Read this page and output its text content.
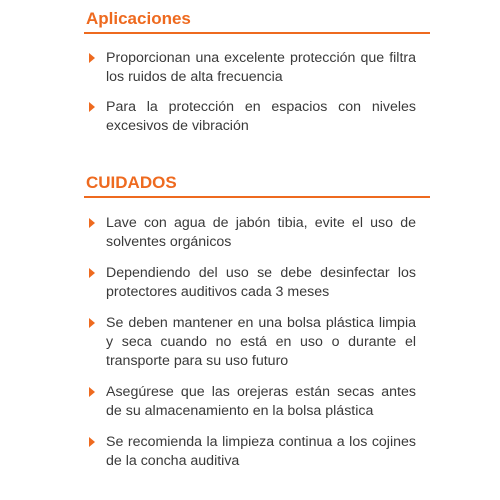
Aplicaciones
Proporcionan una excelente protección que filtra los ruidos de alta frecuencia
Para la protección en espacios con niveles excesivos de vibración
CUIDADOS
Lave con agua de jabón tibia, evite el uso de solventes orgánicos
Dependiendo del uso se debe desinfectar los protectores auditivos cada 3 meses
Se deben mantener en una bolsa plástica limpia y seca cuando no está en uso o durante el transporte para su uso futuro
Asegúrese que las orejeras están secas antes de su almacenamiento en la bolsa plástica
Se recomienda la limpieza continua a los cojines de la concha auditiva
